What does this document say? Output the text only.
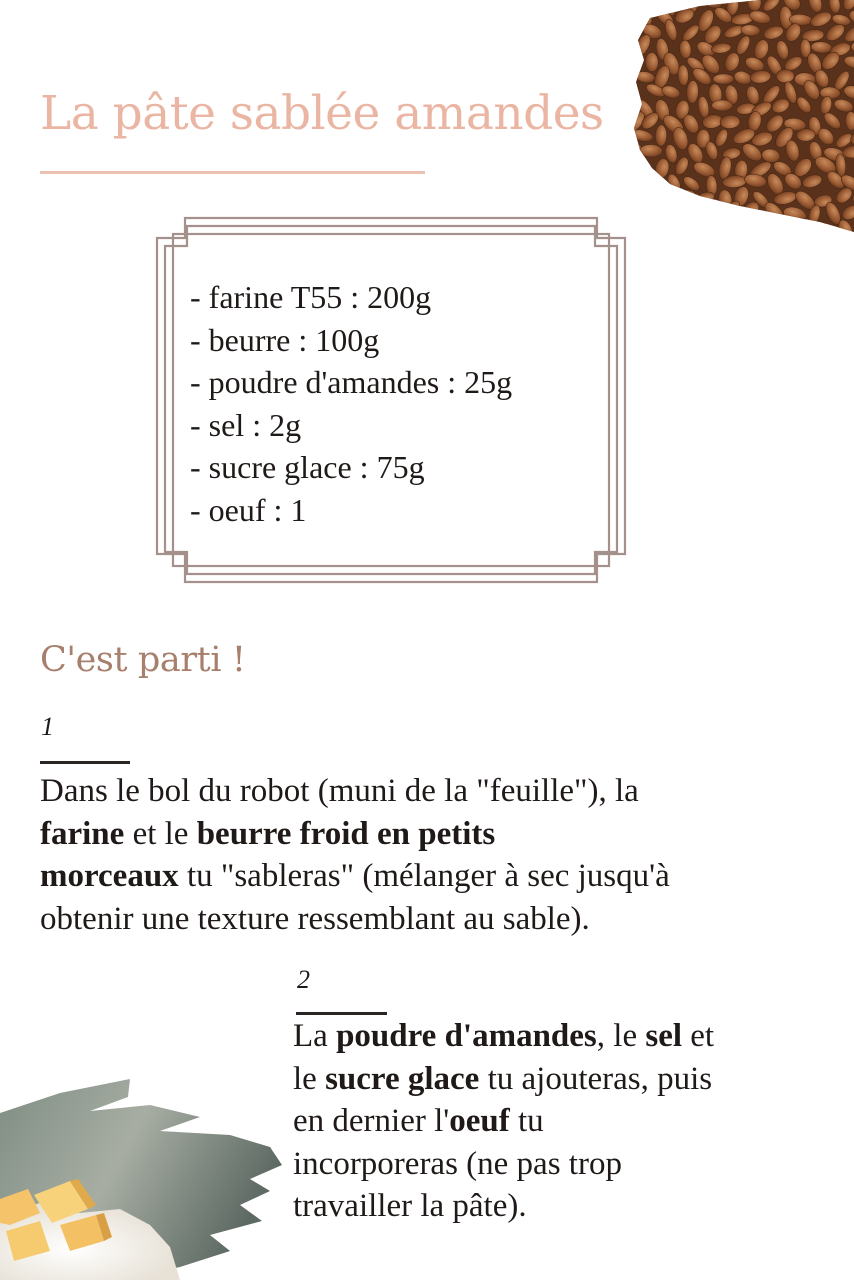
La pâte sablée amandes
- farine T55 : 200g
- beurre : 100g
- poudre d'amandes : 25g
- sel : 2g
- sucre glace : 75g
- oeuf : 1
C'est parti !
1

Dans le bol du robot (muni de la "feuille"), la
farine et le beurre froid en petits
morceaux tu "sableras" (mélanger à sec jusqu'à
obtenir une texture ressemblant au sable).

2

La poudre d'amandes, le sel et
le sucre glace tu ajouteras, puis
en dernier l'oeuf tu
incorporeras (ne pas trop
travailler la pâte).
